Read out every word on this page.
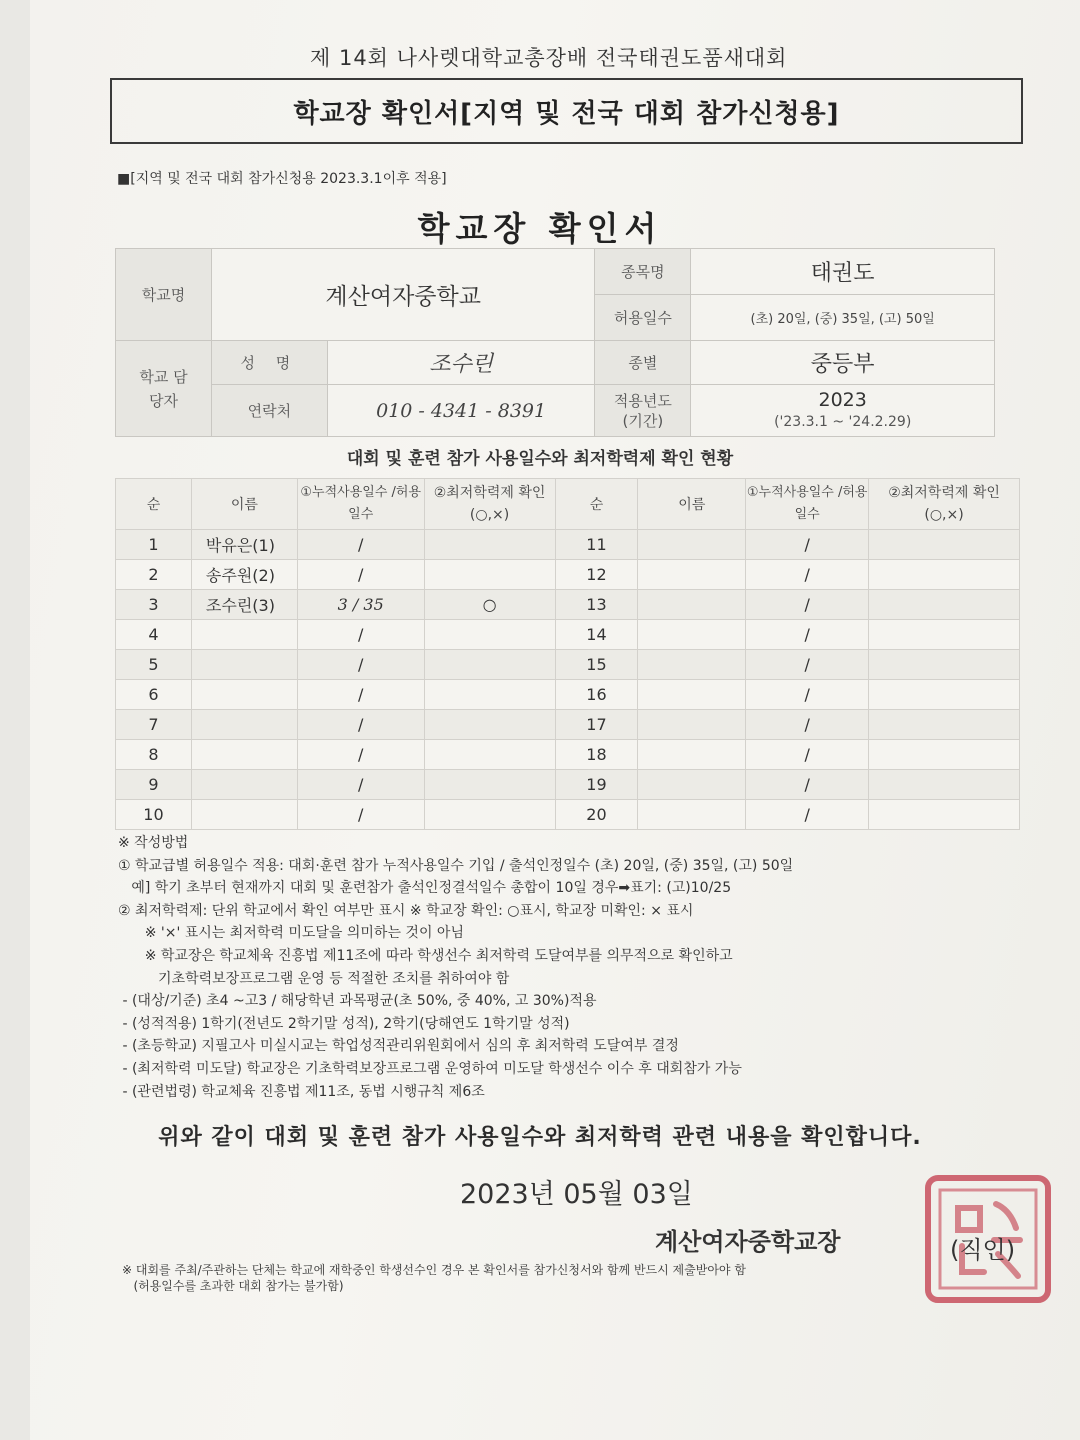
제 14회 나사렛대학교총장배 전국태권도품새대회
학교장 확인서[지역 및 전국 대회 참가신청용]
■[지역 및 전국 대회 참가신청용 2023.3.1이후 적용]
학교장 확인서
학교명	계산여자중학교		종목명	태권도
			허용일수	(초) 20일, (중) 35일, (고) 50일
학교 담당자	성 명	조수린	종별	중등부
	연락처	010 - 4341 - 8391	적용년도 (기간)	2023
('23.3.1 ~ '24.2.29)
대회 및 훈련 참가 사용일수와 최저학력제 확인 현황
순	이름	①누적사용일수 /허용일수	②최저학력제 확인(○,×)	순	이름	①누적사용일수 /허용일수	②최저학력제 확인(○,×)
1	박유은(1)	/		11		/	
2	송주원(2)	/		12		/	
3	조수린(3)	3 / 35	○	13		/	
4		/		14		/	
5		/		15		/	
6		/		16		/	
7		/		17		/	
8		/		18		/	
9		/		19		/	
10		/		20		/	
※ 작성방법
① 학교급별 허용일수 적용: 대회·훈련 참가 누적사용일수 기입 / 출석인정일수 (초) 20일, (중) 35일, (고) 50일
예] 학기 초부터 현재까지 대회 및 훈련참가 출석인정결석일수 총합이 10일 경우➡표기: (고)10/25
② 최저학력제: 단위 학교에서 확인 여부만 표시 ※ 학교장 확인: ○표시, 학교장 미확인: × 표시
※ '×' 표시는 최저학력 미도달을 의미하는 것이 아님
※ 학교장은 학교체육 진흥법 제11조에 따라 학생선수 최저학력 도달여부를 의무적으로 확인하고
기초학력보장프로그램 운영 등 적절한 조치를 취하여야 함
- (대상/기준) 초4 ~고3 / 해당학년 과목평균(초 50%, 중 40%, 고 30%)적용
- (성적적용) 1학기(전년도 2학기말 성적), 2학기(당해연도 1학기말 성적)
- (초등학교) 지필고사 미실시교는 학업성적관리위원회에서 심의 후 최저학력 도달여부 결정
- (최저학력 미도달) 학교장은 기초학력보장프로그램 운영하여 미도달 학생선수 이수 후 대회참가 가능
- (관련법령) 학교체육 진흥법 제11조, 동법 시행규칙 제6조
위와 같이 대회 및 훈련 참가 사용일수와 최저학력 관련 내용을 확인합니다.
2023년 05월 03일
계산여자중학교장	(직인)
※ 대회를 주최/주관하는 단체는 학교에 재학중인 학생선수인 경우 본 확인서를 참가신청서와 함께 반드시 제출받아야 함
(허용일수를 초과한 대회 참가는 불가함)
